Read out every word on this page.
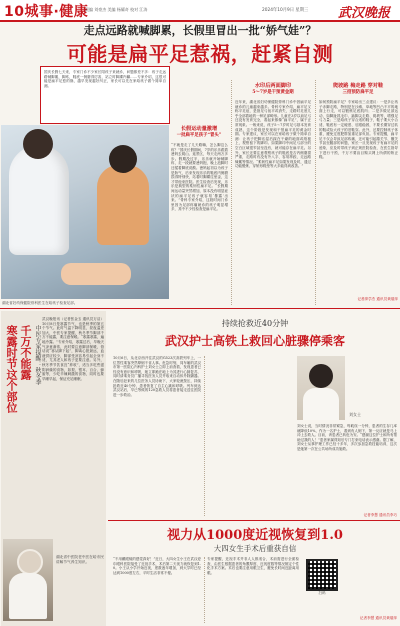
10城事·健康
责编 刘豪杰 美编 杨耀奇 校对 江涛	2024年10月9日 星期三 武汉晚报
走点远路就喊脚累，长假里冒出一批“娇气娃”？
可能是扁平足惹祸，赶紧自测
国庆长假七天来，专家门诊不少家长陪孩子来就诊，问题都差不多：孩子走远路喊脚累，脚疼，鞋底一侧磨得厉害，站立时脚踝内翻……专家介绍，这很可能是扁平足惹的祸，越早发现越好纠正，家长可以先在家给孩子做个简单自测。
湖北省妇幼保健院骨科医生在给孩子检查足部。
长假运动量激增
一批扁平足孩子“冒头”
“不就是走了几天路嘛，怎么脚这么疼？”国庆长假期间，7岁的乐乐跟着爸妈去爬山、逛景区，每天走两万多步。假期没过半，乐乐就开始喊脚疼，走一段就要爸妈抱，晚上泡脚时还揉着脚底说酸。爸妈起初以为孩子是娇气，后来发现乐乐的鞋底内侧磨损得特别快，站着时脚踝往里歪，这才带他来医院。医生检查后发现，乐乐是典型的柔韧性扁平足。“长假期间运动量突然增加，原本没有明显症状的扁平足孩子就容易‘暴露’出来。”骨科专家介绍，这段时间门诊里因为足部疼痛就诊的孩子明显增多，其中不少经检查是扁平足。
水印后两面脚印
5～7岁是干预黄金期
近年来，湖北省妇幼保健院骨科门诊中因扁平足就诊的儿童越来越多。骨科专家介绍，扁平足又称平足症，是指足弓低平或消失，走路时足底几乎全部着地的一种足部畸形。儿童在3岁以前足弓还没有发育完全，看起来都像“扁平足”，属于正常现象。一般来说，孩子5～7岁时足弓基本发育成熟，这个阶段是发现和干预扁平足的黄金时期。专家建议，家长可以在家给孩子做个简单自测：让孩子把脚沾湿后踩在干燥的地面或纸板上，观察留下的脚印。如果脚印中间足弓部分的空白区域很窄甚至没有，就可能存在扁平足。另外，家长还要注意观察孩子的鞋底是否内侧磨损严重，走路时有没有外八字、容易摔跤、走远路喊累等情况。“柔韧性扁平足如果发现及时，通过功能锻炼、穿矫形鞋垫等大多能得到改善。”
爬坡路 梅走路 穿对鞋
三招预防扁平足
如何预防扁平足？专家给出三点建议：一是多让孩子赤脚走路，特别是在沙滩、草地等凹凸不平的地面上行走，可以锻炼足底肌肉；二是多做足部运动，如脚趾抓毛巾、踮脚尖走路、爬坡等，增强足弓力量；三是给孩子穿合适的鞋子，鞋子要大小合适、鞋底有一定硬度、后跟稳固，不要长期穿过软的鞋或捡大孩子的旧鞋穿。此外，还要控制孩子体重，避免过度肥胖加重足部负担。专家提醒，扁平足不仅会导致足部疼痛，还可能引起膝关节、髋关节甚至腰部的问题，家长一旦发现孩子有扁平足的迹象，应及时带孩子到正规医院检查，在医生指导下进行干预，千万不要盲目购买网上所谓的矫正鞋。
记者廖学杰 通讯员黄瑞萍
寒露时节这个部位 千万不能露 中医专家提醒：秋冬季
武汉晚报讯（记者张金玉 通讯员万洁）10月8日是寒露节气，也是秋季的第五个节气。此时气温下降明显，昼夜温差加大，中医专家提醒，秋冬季节脚部千万不能露，要注意保暖。“寒露寒露，遍地冷露。”专家介绍，寒露过后，早晚天气凉意渐浓，此时要注意脚部保暖，俗话说“寒从脚下起”，脚离心脏最远，血液供应较少，脚部受凉容易引起全身不适，尤其老人和孩子更要注意。另外，秋冬季节饮食宜“养收”，适当多吃些滋阴润燥的食物，如梨、银耳、百合、蜂蜜等，少吃辛辣刺激的食物，同时也要早睡早起，保证充足睡眠。
湖北省中医院老中医在给市民讲解节气养生知识。
持续抢救近40分钟
武汉护士高铁上救回心脏骤停乘客
10月6日，从北京西开往武汉的G523次高铁列车上，一位男性乘客突然晕倒不省人事。危急时刻，同车厢的武汉市第一医院心内科护士刘女士立即上前查看，发现患者已经没有意识和呼吸，她立即跪在地上为其进行心肺复苏，同时请乘务员广播寻找医务人员并取来自动体外除颤器。在随后赶来的几位医务人员协助下，大家轮流按压，持续抢救近40分钟，患者恢复了自主心跳和呼吸。列车到达武汉站后，早已等候的120急救人员将患者接走送往医院进一步救治。
刘女士
刘女士说，当时情况非常紧急，每耽误一分钟，患者的生存几率就降低10%，作为一名护士，看到有人倒下，第一反应就是马上冲上去救人。目前，该患者已转危为安。“感谢这位护士和所有帮助过我的人！”患者家属得知后专门打来电话表示感谢。据了解，刘女士从事护理工作已经十多年，多次参加急救技能培训，这次是她第一次在公共场所成功施救。
记者李慧 通讯员李巧
视力从1000度近视恢复到1.0
大四女生手术后重获自信
“不用戴眼镜的感觉真好！”近日，大四女生小王在武汉爱尔眼科医院接受了近视手术，术后第二天视力就恢复到1.0。小王从小学开始近视，度数逐年增加，到大学时已经达到1000度左右，平时生活非常不便。
专家提醒，近视手术并非人人都适合，术前需进行全面检查，由医生根据患者的角膜厚度、近视度数等情况制定个性化手术方案。术后也要注意用眼卫生，避免长时间近距离用眼。
记者李慧 通讯员黄瑞萍
扫码
